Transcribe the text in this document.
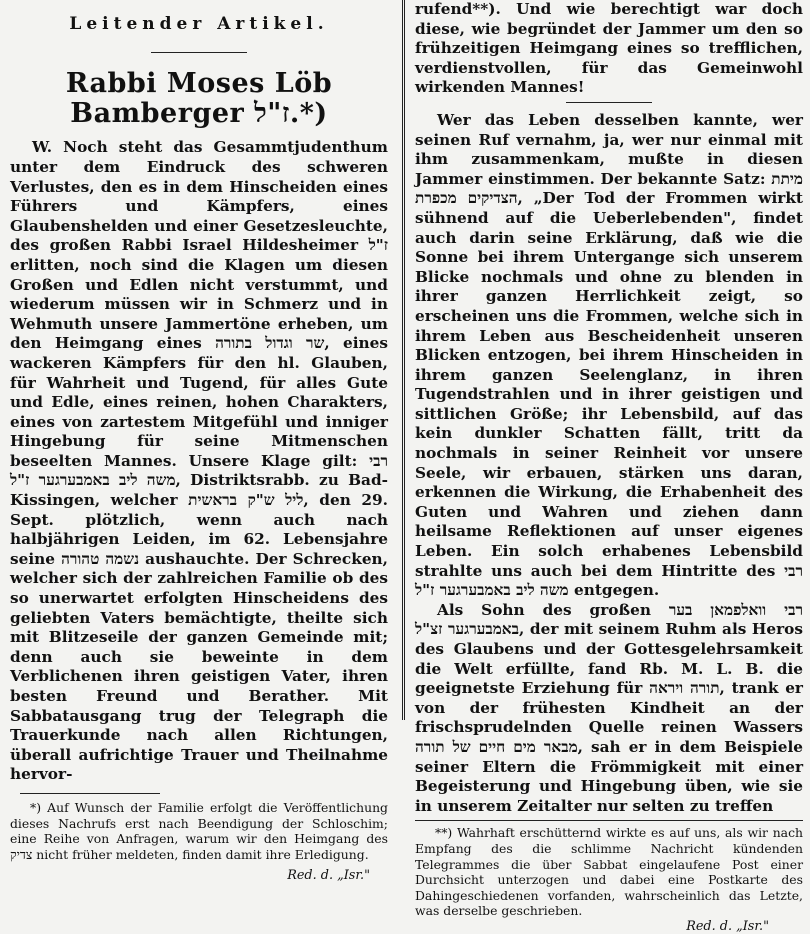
Leitender Artikel.
Rabbi Moses Löb Bamberger ז"ל.*)

W. Noch steht das Gesammtjudenthum unter dem Eindruck des schweren Verlustes, den es in dem Hinscheiden eines Führers und Kämpfers, eines Glaubenshelden und einer Gesetzesleuchte, des großen Rabbi Israel Hildesheimer ז"ל erlitten, noch sind die Klagen um diesen Großen und Edlen nicht verstummt, und wiederum müssen wir in Schmerz und in Wehmuth unsere Jammertöne erheben, um den Heimgang eines שר וגדול בתורה, eines wackeren Kämpfers für den hl. Glauben, für Wahrheit und Tugend, für alles Gute und Edle, eines reinen, hohen Charakters, eines von zartestem Mitgefühl und inniger Hingebung für seine Mitmenschen beseelten Mannes. Unsere Klage gilt: רבי משה ליב באמבערגער ז"ל, Distriktsrabb. zu Bad-Kissingen, welcher ליל ש"ק בראשית, den 29. Sept. plötzlich, wenn auch nach halbjährigen Leiden, im 62. Lebensjahre seine נשמה טהורה aushauchte. Der Schrecken, welcher sich der zahlreichen Familie ob des so unerwartet erfolgten Hinscheidens des geliebten Vaters bemächtigte, theilte sich mit Blitzeseile der ganzen Gemeinde mit; denn auch sie beweinte in dem Verblichenen ihren geistigen Vater, ihren besten Freund und Berather. Mit Sabbatausgang trug der Telegraph die Trauerkunde nach allen Richtungen, überall aufrichtige Trauer und Theilnahme hervor-

*) Auf Wunsch der Familie erfolgt die Veröffentlichung dieses Nachrufs erst nach Beendigung der Schloschim; eine Reihe von Anfragen, warum wir den Heimgang des צדיק nicht früher meldeten, finden damit ihre Erledigung.

Red. d. „Isr."

rufend**). Und wie berechtigt war doch diese, wie begründet der Jammer um den so frühzeitigen Heimgang eines so trefflichen, verdienstvollen, für das Gemeinwohl wirkenden Mannes!

Wer das Leben desselben kannte, wer seinen Ruf vernahm, ja, wer nur einmal mit ihm zusammenkam, mußte in diesen Jammer einstimmen. Der bekannte Satz: מיתת הצדיקים מכפרת, „Der Tod der Frommen wirkt sühnend auf die Ueberlebenden", findet auch darin seine Erklärung, daß wie die Sonne bei ihrem Untergange sich unserem Blicke nochmals und ohne zu blenden in ihrer ganzen Herrlichkeit zeigt, so erscheinen uns die Frommen, welche sich in ihrem Leben aus Bescheidenheit unseren Blicken entzogen, bei ihrem Hinscheiden in ihrem ganzen Seelenglanz, in ihren Tugendstrahlen und in ihrer geistigen und sittlichen Größe; ihr Lebensbild, auf das kein dunkler Schatten fällt, tritt da nochmals in seiner Reinheit vor unsere Seele, wir erbauen, stärken uns daran, erkennen die Wirkung, die Erhabenheit des Guten und Wahren und ziehen dann heilsame Reflektionen auf unser eigenes Leben. Ein solch erhabenes Lebensbild strahlte uns auch bei dem Hintritte des רבי משה ליב באמבערגער ז"ל entgegen.

Als Sohn des großen רבי וואלפמאן בער באמבערגער זצ"ל, der mit seinem Ruhm als Heros des Glaubens und der Gottesgelehrsamkeit die Welt erfüllte, fand Rb. M. L. B. die geeignetste Erziehung für תורה ויראה, trank er von der frühesten Kindheit an der frischsprudelnden Quelle reinen Wassers מבאר מים חיים של תורה, sah er in dem Beispiele seiner Eltern die Frömmigkeit mit einer Begeisterung und Hingebung üben, wie sie in unserem Zeitalter nur selten zu treffen

**) Wahrhaft erschütternd wirkte es auf uns, als wir nach Empfang des die schlimme Nachricht kündenden Telegrammes die über Sabbat eingelaufene Post einer Durchsicht unterzogen und dabei eine Postkarte des Dahingeschiedenen vorfanden, wahrscheinlich das Letzte, was derselbe geschrieben.

Red. d. „Isr."
